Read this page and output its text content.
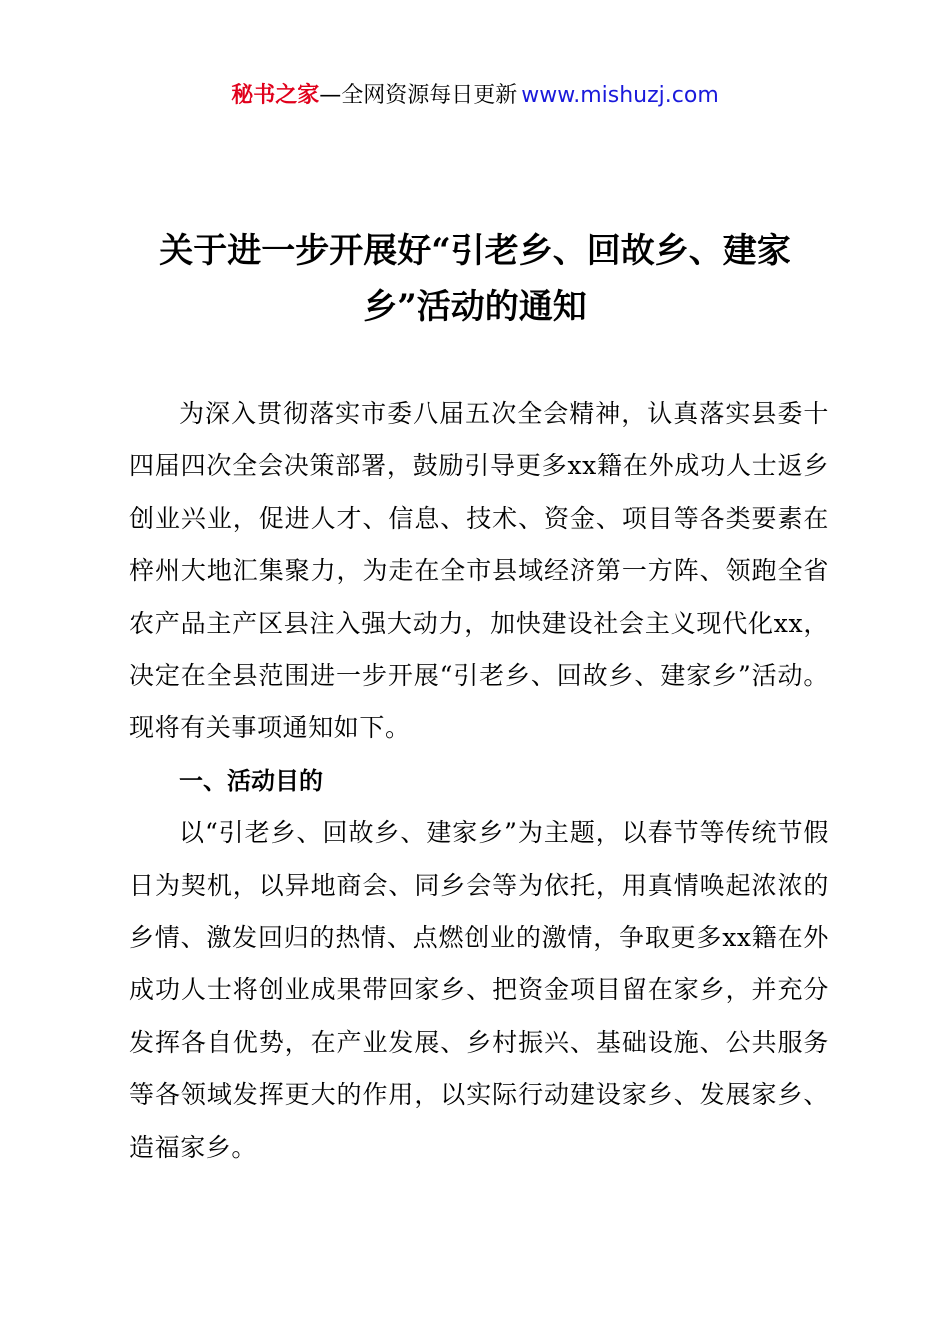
秘书之家—全网资源每日更新 www.mishuzj.com
关于进一步开展好“引老乡、回故乡、建家
乡”活动的通知

为深入贯彻落实市委八届五次全会精神，认真落实县委十四届四次全会决策部署，鼓励引导更多xx籍在外成功人士返乡创业兴业，促进人才、信息、技术、资金、项目等各类要素在梓州大地汇集聚力，为走在全市县域经济第一方阵、领跑全省农产品主产区县注入强大动力，加快建设社会主义现代化xx，决定在全县范围进一步开展“引老乡、回故乡、建家乡”活动。现将有关事项通知如下。

一、活动目的

以“引老乡、回故乡、建家乡”为主题，以春节等传统节假日为契机，以异地商会、同乡会等为依托，用真情唤起浓浓的乡情、激发回归的热情、点燃创业的激情，争取更多xx籍在外成功人士将创业成果带回家乡、把资金项目留在家乡，并充分发挥各自优势，在产业发展、乡村振兴、基础设施、公共服务等各领域发挥更大的作用，以实际行动建设家乡、发展家乡、造福家乡。
